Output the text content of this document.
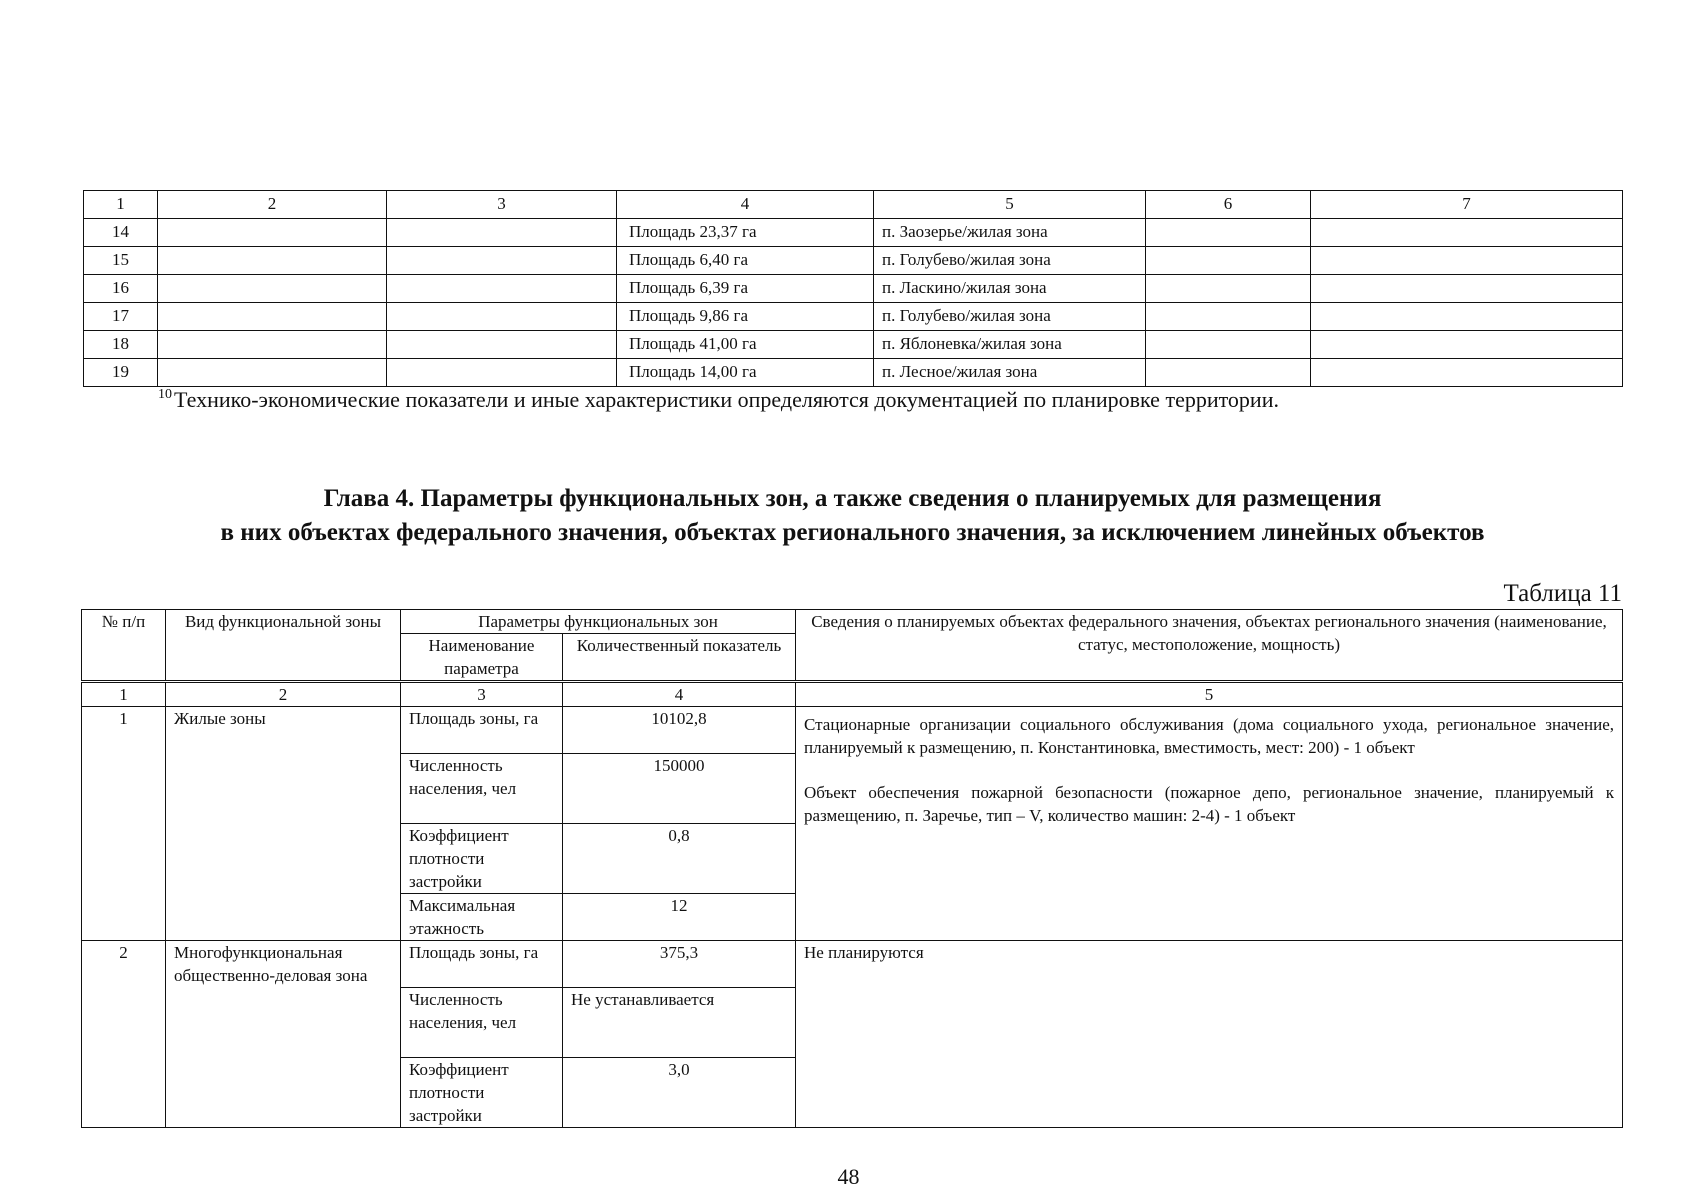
1	2	3	4	5	6	7
14			Площадь 23,37 га	п. Заозерье/жилая зона		
15			Площадь 6,40 га	п. Голубево/жилая зона		
16			Площадь 6,39 га	п. Ласкино/жилая зона		
17			Площадь 9,86 га	п. Голубево/жилая зона		
18			Площадь 41,00 га	п. Яблоневка/жилая зона		
19			Площадь 14,00 га	п. Лесное/жилая зона		
$^{10}$Технико-экономические показатели и иные характеристики определяются документацией по планировке территории.
Глава 4. Параметры функциональных зон, а также сведения о планируемых для размещения
в них объектах федерального значения, объектах регионального значения, за исключением линейных объектов
Таблица 11
№ п/п	Вид функциональной зоны	Параметры функциональных зон		Сведения о планируемых объектах федерального значения, объектах регионального значения (наименование, статус, местоположение, мощность)
		Наименование параметра	Количественный показатель	
1	2	3	4	5
1	Жилые зоны	Площадь зоны, га	10102,8	Стационарные организации социального обслуживания (дома социального ухода, региональное значение, планируемый к размещению, п. Константиновка, вместимость, мест: 200) - 1 объект

Объект обеспечения пожарной безопасности (пожарное депо, региональное значение, планируемый к размещению, п. Заречье, тип – V, количество машин: 2-4) - 1 объект

		Численность населения, чел	150000	
		Коэффициент плотности застройки	0,8	
		Максимальная этажность	12	
2	Многофункциональная общественно-деловая зона	Площадь зоны, га	375,3	Не планируются
		Численность населения, чел	Не устанавливается	
		Коэффициент плотности застройки	3,0	
48
